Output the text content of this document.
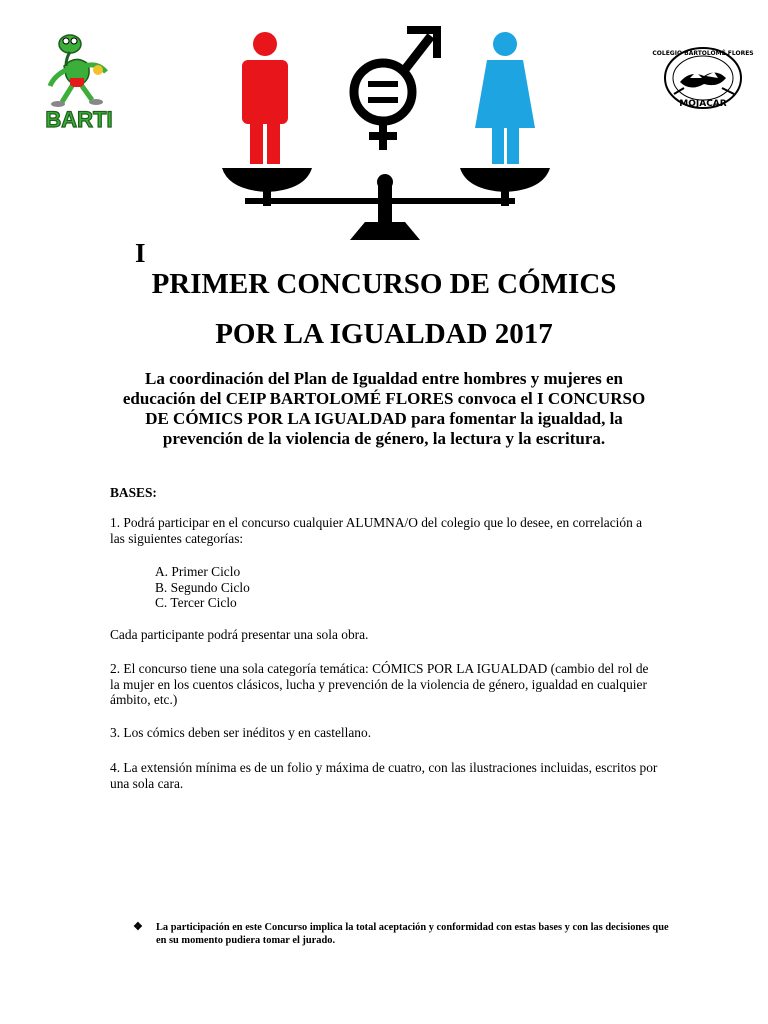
BARTI
COLEGIO BARTOLOMÉ FLORES
MOJACAR
I
PRIMER CONCURSO DE CÓMICS
POR LA IGUALDAD 2017
La coordinación del Plan de Igualdad entre hombres y mujeres en educación del CEIP BARTOLOMÉ FLORES convoca el I CONCURSO DE CÓMICS POR LA IGUALDAD para fomentar la igualdad, la prevención de la violencia de género, la lectura y la escritura.
BASES:
1. Podrá participar en el concurso cualquier ALUMNA/O del colegio que lo desee, en correlación a las siguientes categorías:
A. Primer Ciclo
B. Segundo Ciclo
C. Tercer Ciclo
Cada participante podrá presentar una sola obra.
2. El concurso tiene una sola categoría temática: CÓMICS POR LA IGUALDAD (cambio del rol de la mujer en los cuentos clásicos, lucha y prevención de la violencia de género, igualdad en cualquier ámbito, etc.)
3. Los cómics deben ser inéditos y en castellano.
4. La extensión mínima es de un folio y máxima de cuatro, con las ilustraciones incluidas, escritos por una sola cara.
❖ La participación en este Concurso implica la total aceptación y conformidad con estas bases y con las decisiones que en su momento pudiera tomar el jurado.
